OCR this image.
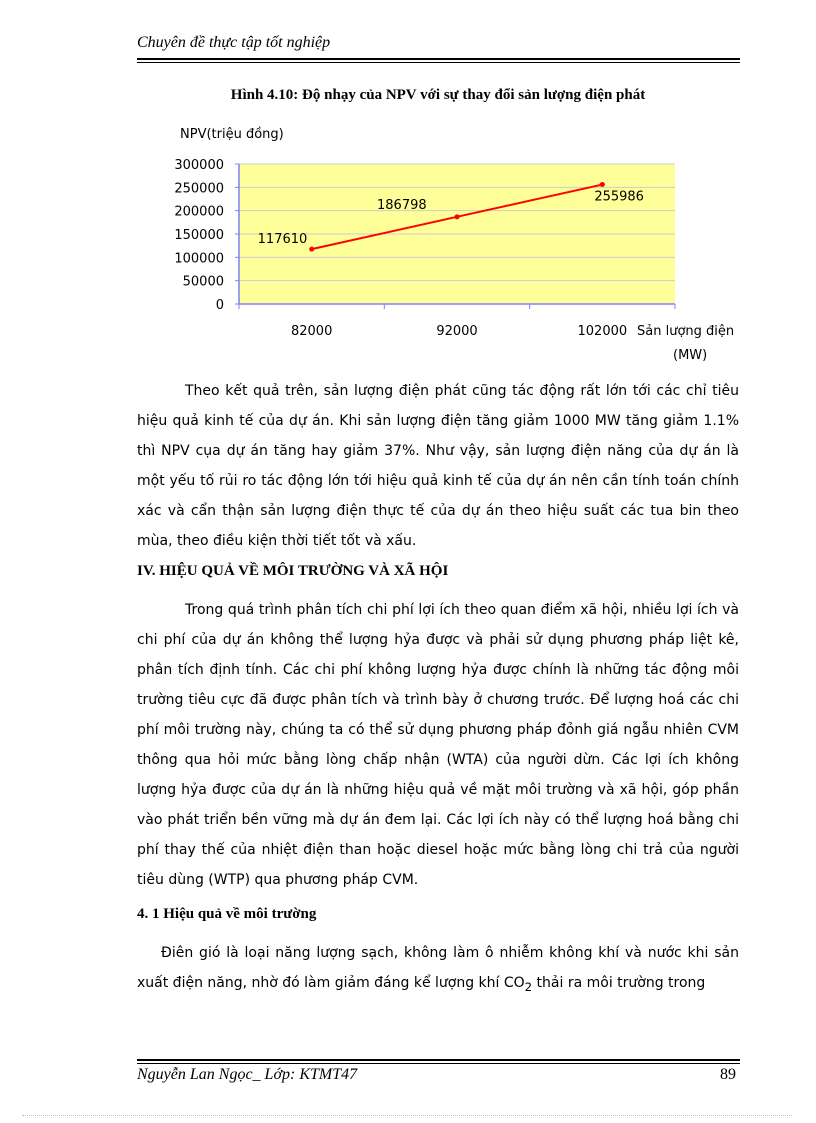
Chuyên đề thực tập tốt nghiệp
Hình 4.10: Độ nhạy của NPV với sự thay đổi sản lượng điện phát
NPV(triệu đồng)
0
50000
100000
150000
200000
250000
300000
82000	92000	102000
117610
186798
255986
Sản lượng điện
(MW)
Theo kết quả trên, sản lượng điện phát cũng tác động rất lớn tới các chỉ tiêu hiệu quả kinh tế của dự án. Khi sản lượng điện tăng giảm 1000 MW tăng giảm 1.1% thì NPV cụa dự án tăng hay giảm 37%. Như vậy, sản lượng điện năng của dự án là một yếu tố rủi ro tác động lớn tới hiệu quả kinh tế của dự án nên cần tính toán chính xác và cẩn thận sản lượng điện thực tế của dự án theo hiệu suất các tua bin theo mùa, theo điều kiện thời tiết tốt và xấu.
IV. HIỆU QUẢ VỀ MÔI TRƯỜNG VÀ XÃ HỘI
Trong quá trình phân tích chi phí lợi ích theo quan điểm xã hội, nhiều lợi ích và chi phí của dự án không thể lượng hỷa được và phải sử dụng phương pháp liệt kê, phân tích định tính. Các chi phí không lượng hỷa được chính là những tác động môi trường tiêu cực đã được phân tích và trình bày ở chương trước. Để lượng hoá các chi phí môi trường này, chúng ta có thể sử dụng phương pháp đỏnh giá ngẫu nhiên CVM thông qua hỏi mức bằng lòng chấp nhận (WTA) của người dừn. Các lợi ích không lượng hỷa được của dự án là những hiệu quả về mặt môi trường và xã hội, góp phần vào phát triển bền vững mà dự án đem lại. Các lợi ích này có thể lượng hoá bằng chi phí thay thế của nhiệt điện than hoặc diesel hoặc mức bằng lòng chi trả của người tiêu dùng (WTP) qua phương pháp CVM.
4. 1 Hiệu quả về môi trường
Điên gió là loại năng lượng sạch, không làm ô nhiễm không khí và nước khi sản xuất điện năng, nhờ đó làm giảm đáng kể lượng khí $CO_2$ thải ra môi trường trong
Nguyễn Lan Ngọc_ Lớp: KTMT47	89
